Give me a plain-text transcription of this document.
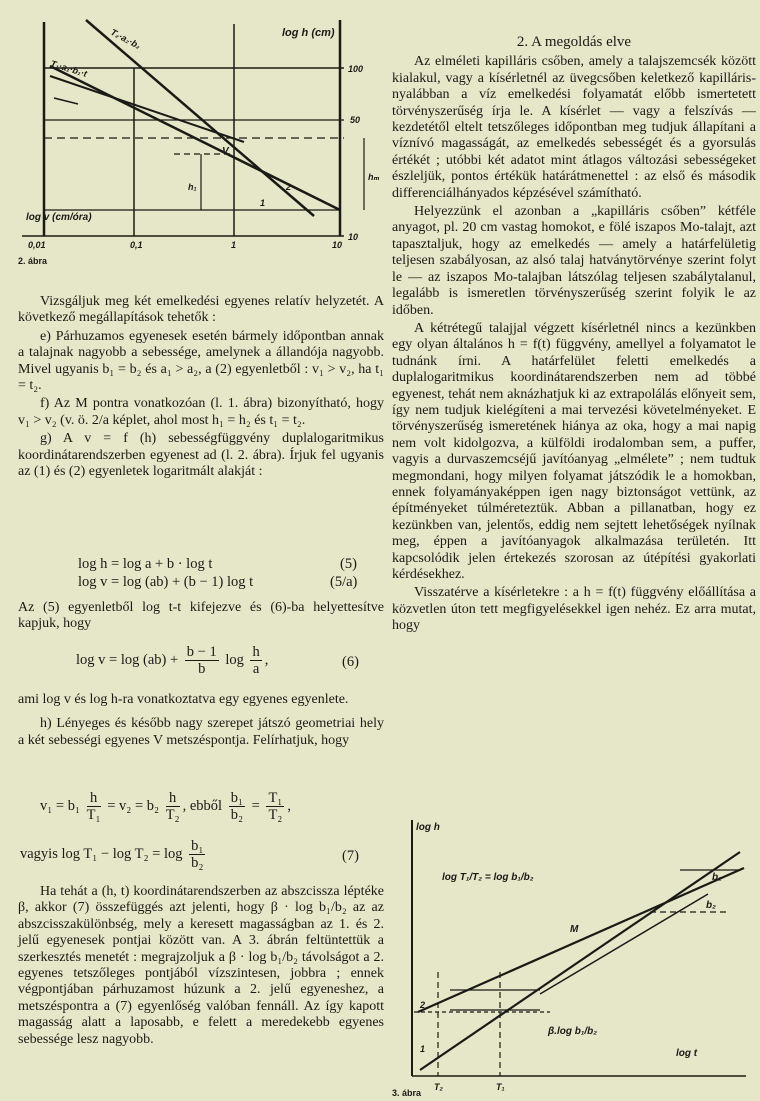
log h (cm)
100
50
10
log v (cm/óra)
0,01	0,1	1	10
T₂·a₂·b₂
T₁·a₁·b₁·t
V
h₁
hₘ
2
1
2. ábra

Vizsgáljuk meg két emelkedési egyenes relatív helyzetét. A következő megállapítások tehetők :

e) Párhuzamos egyenesek esetén bármely időpontban annak a talajnak nagyobb a sebessége, amelynek a állandója nagyobb. Mivel ugyanis b₁ = b₂ és a₁ > a₂, a (2) egyenletből : v₁ > v₂, ha t₁ = t₂.

f) Az M pontra vonatkozóan (l. 1. ábra) bizonyítható, hogy v₁ > v₂ (v. ö. 2/a képlet, ahol most h₁ = h₂ és t₁ = t₂.

g) A v = f (h) sebességfüggvény duplalogaritmikus koordinátarendszerben egyenest ad (l. 2. ábra). Írjuk fel ugyanis az (1) és (2) egyenletek logaritmált alakját :

log h = log a + b · log t	(5)
log v = log (ab) + (b − 1) log t	(5/a)

Az (5) egyenletből log t-t kifejezve és (6)-ba helyettesítve kapjuk, hogy

$\log v = \log (ab) + \frac{b - 1}{b}$ $\log \frac{h}{a}$ ,	(6)

ami log v és log h-ra vonatkoztatva egy egyenes egyenlete.

h) Lényeges és később nagy szerepet játszó geometriai hely a két sebességi egyenes V metszéspontja. Felírhatjuk, hogy

$v_1 = b_1 \frac{h}{\text{T₁}} = v_2 = b_2 \frac{h}{\text{T₂}}$ , ebből $\frac{\text{b₁}}{\text{b₂}} = \frac{\text{T₁}}{\text{T₂}}$ ,
vagyis $\log T_1 - \log T_2 = \log \frac{\text{b₁}}{\text{b₂}}$	(7)

Ha tehát a (h, t) koordinátarendszerben az abszcissza léptéke β, akkor (7) összefüggés azt jelenti, hogy β · log b₁/b₂ az az abszcisszakülönbség, mely a keresett magasságban az 1. és 2. jelű egyenesek pontjai között van. A 3. ábrán feltüntettük a szerkesztés menetét : megrajzoljuk a β · log b₁/b₂ távolságot a 2. egyenes tetszőleges pontjából vízszintesen, jobbra ; ennek végpontjában párhuzamost húzunk a 2. jelű egyeneshez, a metszéspontra a (7) egyenlőség valóban fennáll. Az így kapott magasság alatt a laposabb, e felett a meredekebb egyenes sebessége lesz nagyobb.

2. A megoldás elve

Az elméleti kapilláris csőben, amely a talajszemcsék között kialakul, vagy a kísérletnél az üvegcsőben keletkező kapilláris-nyalábban a víz emelkedési folyamatát előbb ismertetett törvényszerűség írja le. A kísérlet — vagy a felszívás — kezdetétől eltelt tetszőleges időpontban meg tudjuk állapítani a víznívó magasságát, az emelkedés sebességét és a gyorsulás értékét ; utóbbi két adatot mint átlagos változási sebességeket észleljük, pontos értékük határátmenettel : az első és második differenciálhányados képzésével számítható.

Helyezzünk el azonban a „kapilláris csőben” kétféle anyagot, pl. 20 cm vastag homokot, e fölé iszapos Mo-talajt, azt tapasztaljuk, hogy az emelkedés — amely a határfelületig teljesen szabályosan, az alsó talaj hatványtörvénye szerint folyt le — az iszapos Mo-talajban látszólag teljesen szabálytalanul, legalább is ismeretlen törvényszerűség szerint folyik le az időben.

A kétrétegű talajjal végzett kísérletnél nincs a kezünkben egy olyan általános h = f(t) függvény, amellyel a folyamatot le tudnánk írni. A határfelület feletti emelkedés a duplalogaritmikus koordinátarendszerben nem ad többé egyenest, tehát nem aknázhatjuk ki az extrapolálás előnyeit sem, így nem tudjuk kielégíteni a mai tervezési követelményeket. E törvényszerűség ismeretének hiánya az oka, hogy a mai napig nem volt kidolgozva, a külföldi irodalomban sem, a puffer, vagyis a durvaszemcséjű javítóanyag „elmélete” ; nem tudtuk megmondani, hogy milyen folyamat játszódik le a homokban, ennek folyamányaképpen igen nagy biztonságot vettünk, az építményeket túlméreteztük. Abban a pillanatban, hogy ez kezünkben van, jelentős, eddig nem sejtett lehetőségek nyílnak meg, éppen a javítóanyagok alkalmazása területén. Itt kapcsolódik jelen értekezés szorosan az útépítési gyakorlati kérdésekhez.

Visszatérve a kísérletekre : a h = f(t) függvény előállítása a közvetlen úton tett megfigyelésekkel igen nehéz. Ez arra mutat, hogy

log h
log t
log T₁/T₂ = log b₁/b₂
β.log b₁/b₂
b₁
b₂
M
T₂	T₁
2
1
3. ábra
